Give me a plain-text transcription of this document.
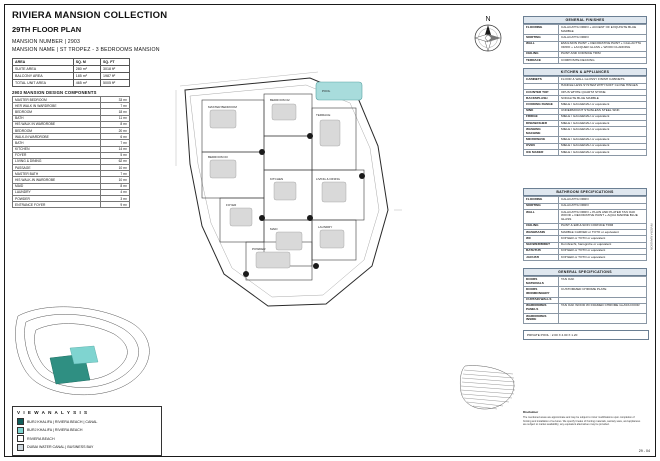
RIVIERA MANSION COLLECTION
29TH FLOOR PLAN
MANSION NUMBER | 2903
MANSION NAME | ST TROPEZ - 3 BEDROOMS MANSION
AREA	SQ. M	SQ. FT
SUITE AREA	280 m²	3018 ft²
BALCONY AREA	185 m²	1987 ft²
TOTAL UNIT AREA	465 m²	5005 ft²
2903 MANSION DESIGN COMPONENTS
MASTER BEDROOM	33 m²
HER WALK IN WARDROBE	7 m²
BEDROOM	18 m²
BATH	11 m²
HIS WALK IN WARDROBE	8 m²
BEDROOM	20 m²
WALK-IN WARDROBE	6 m²
BATH	7 m²
KITCHEN	14 m²
FOYER	5 m²
LIVING & DINING	62 m²
PASSAGE	10 m²
MASTER BATH	7 m²
HIS WALK-IN WARDROBE	10 m²
MAID	8 m²
LAUNDRY	4 m²
POWDER	3 m²
ENTRANCE FOYER	9 m²
N
MASTER BEDROOM
BEDROOM 02
BEDROOM 03
TERRACE
KITCHEN	LIVING & DINING
FOYER
MAID	LAUNDRY
POWDER
POOL
V I E W A N A L Y S I S
BURJ KHALIFA | RIVIERA BEACH | CANAL
BURJ KHALIFA | RIVIERA BEACH
RIVIERA BEACH
DUBAI WATER CANAL | BUSINESS BAY
GENERAL FINISHES
FLOORING	CALACATTA ORRO + ACCENT OF EXQUISITE BLUE MARBLE
SKIRTING	CALACATTA ORRO
WALL	EMULSION PAINT + DECORATIVE PAINT + CALLACTTA ORRO + LACQUER GLASS + WOOD CLADDING
CEILING	PAINT AND CORNICE TRIM
TERRACE	COMPOSITE DECKING
KITCHEN & APPLIANCES
CABINETS	FLOOR & WALL GLOSSY FINISH CABINETS
	HANDLE LESS SYSTEM WITH SOFT CLOSE HINGES
COUNTER TOP	OPUS WHITE QUARTZ STONE
BACKSPLASH	SODALITE BLUE MARBLE
COOKING RANGE	MIELE / GAGGENAU or equivalent
SINK	UNDERMOUNT STAINLESS STEEL SINK
FRIDGE	MIELE / GAGGENAU or equivalent
DISHWASHER	MIELE / GAGGENAU or equivalent
WASHING MACHINE	MIELE / GAGGENAU or equivalent
MICROWAVE	MIELE / GAGGENAU or equivalent
OVEN	MIELE / GAGGENAU or equivalent
ICE MAKER	MIELE / GAGGENAU or equivalent
BATHROOM SPECIFICATIONS
FLOORING	CALACATTA ORRO
SKIRTING	CALACATTA ORRO
WALL	CALACATTA ORRO + PLAIN AND PLATED TAN OAK WOOD + DECORATIVE PAINT + AQUA MARINE BLUE GLASS
CEILING	PAINT & EMULSION CORNICE TRIM
WASHBASIN	MARBLE CARVED or TOTO or equivalent
WC	KOHLER or TOTO or equivalent
SHOWER/BIDET	Dornbracht, hansgrohe or equivalent
BATHTUB	KOHLER or TOTO or equivalent
JACUZZI	KOHLER or TOTO or equivalent
GENERAL SPECIFICATIONS
DOORS MATERIALS	TAN OAK
DOORS IRONMONGERY	CUSTOMIZED CHROME PLATE
CURTAIN WALLS	
WARDROBES PANELS	TAN OAK WOOD W/ FRAMED CHROME GLASS DOOR
WARDROBES INSIDE	
PRIVATE POOL : 2.00 X 4.00 X 1.20
Disclaimer
The mentioned areas are approximate and may be subject to minor modifications upon completion of fronting and installation of services. We specify breaks of fronting materials, sanitary ware, and appliances are subject to market availability; any equivalent alternatives may be provided.
29 - 04
RIVIERA MANSION
